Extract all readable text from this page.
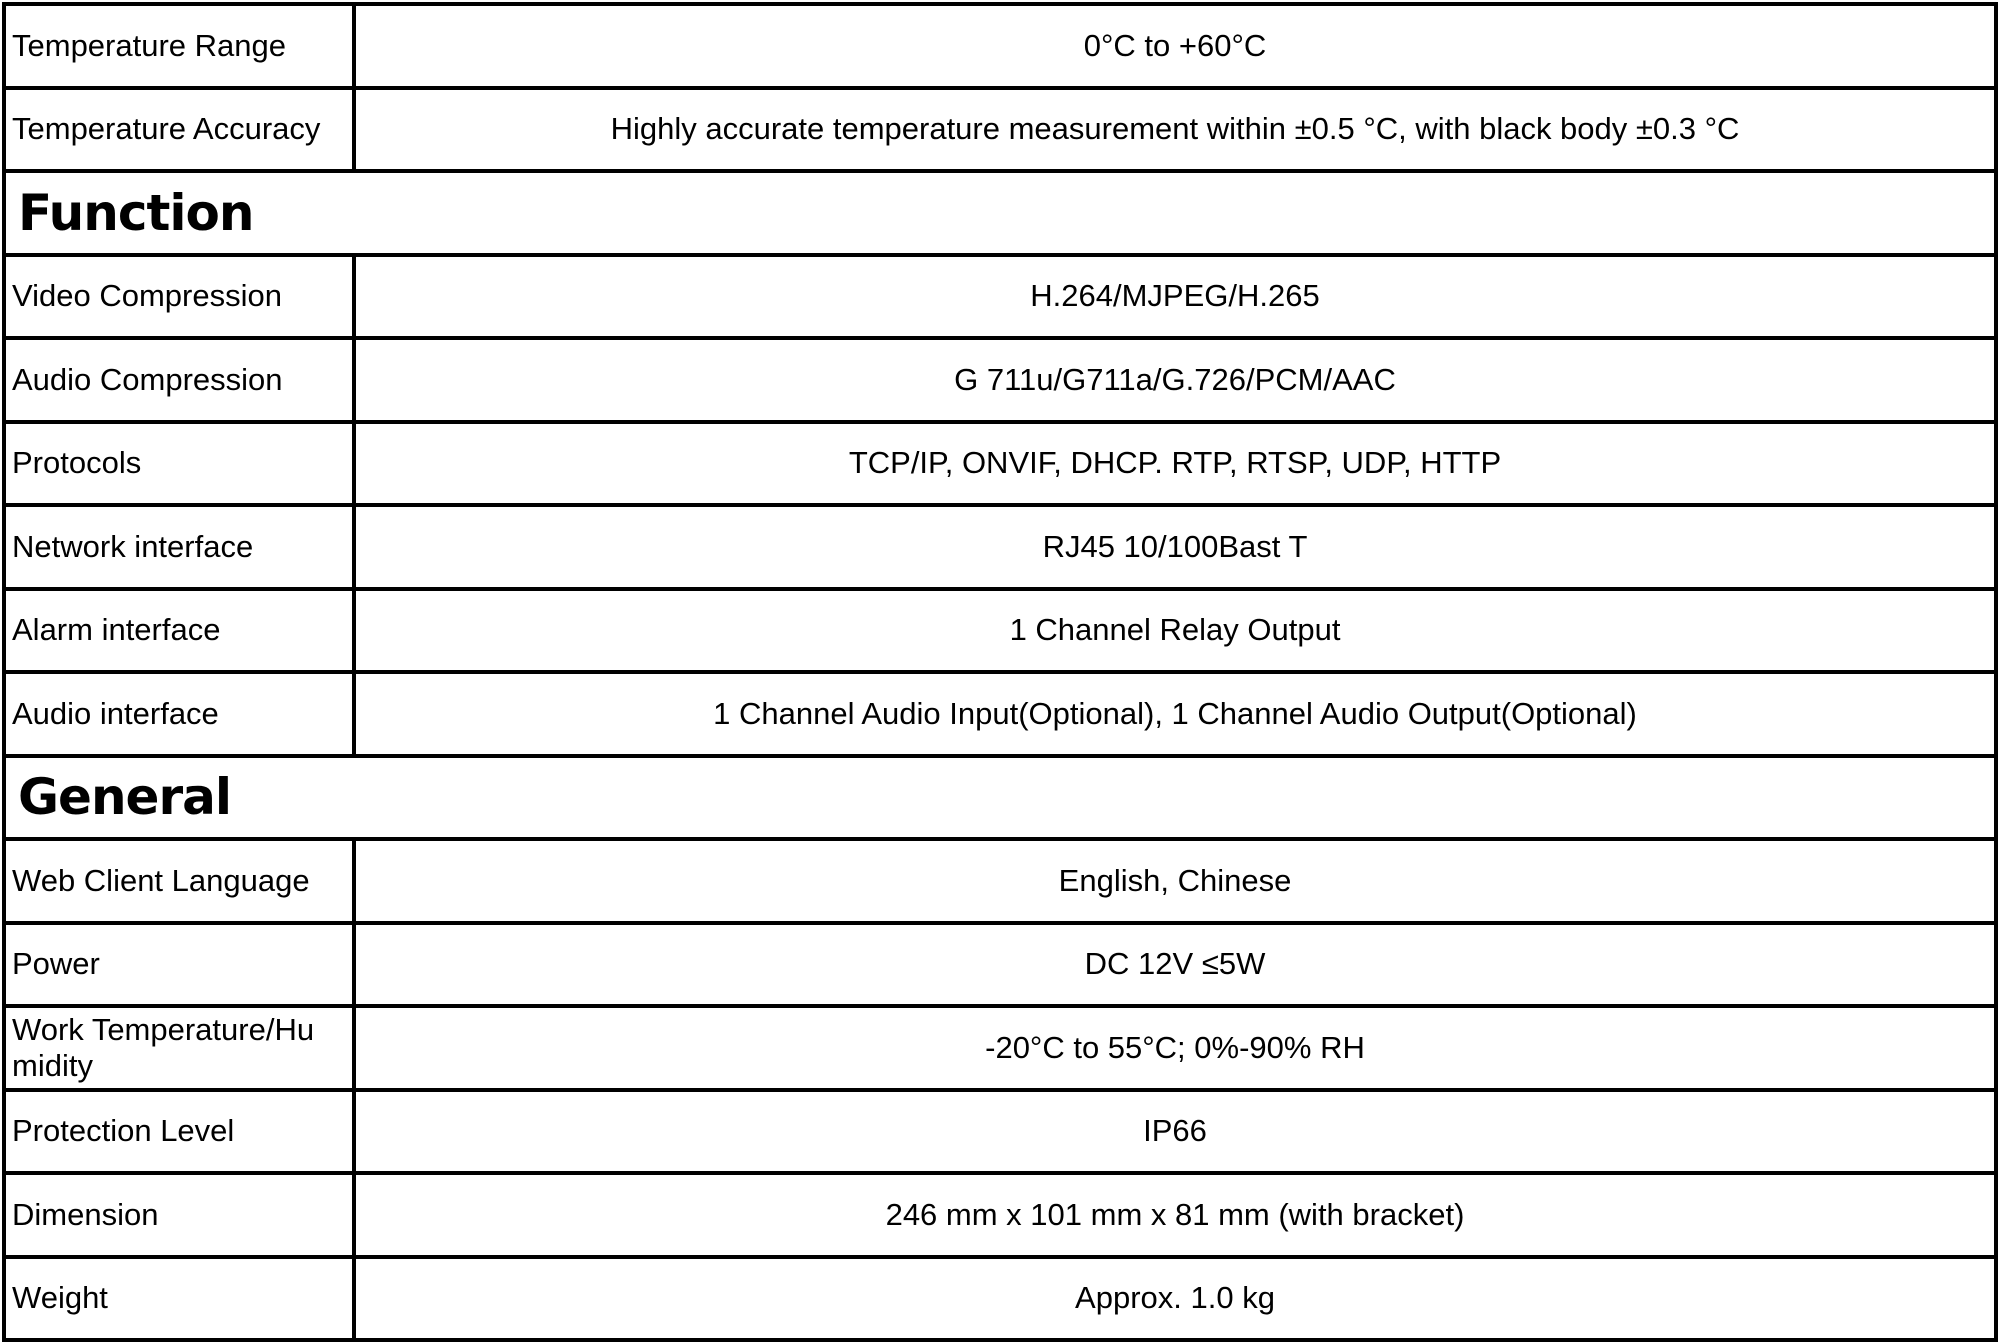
Temperature Range	0°C to +60°C
Temperature Accuracy	Highly accurate temperature measurement within ±0.5 °C, with black body ±0.3 °C
Function	
Video Compression	H.264/MJPEG/H.265
Audio Compression	G 711u/G711a/G.726/PCM/AAC
Protocols	TCP/IP, ONVIF, DHCP. RTP, RTSP, UDP, HTTP
Network interface	RJ45 10/100Bast T
Alarm interface	1 Channel Relay Output
Audio interface	1 Channel Audio Input(Optional), 1 Channel Audio Output(Optional)
General	
Web Client Language	English, Chinese
Power	DC 12V ≤5W

Work Temperature/Humidity	-20°C to 55°C; 0%-90% RH
Protection Level	IP66
Dimension	246 mm x 101 mm x 81 mm (with bracket)
Weight	Approx. 1.0 kg
